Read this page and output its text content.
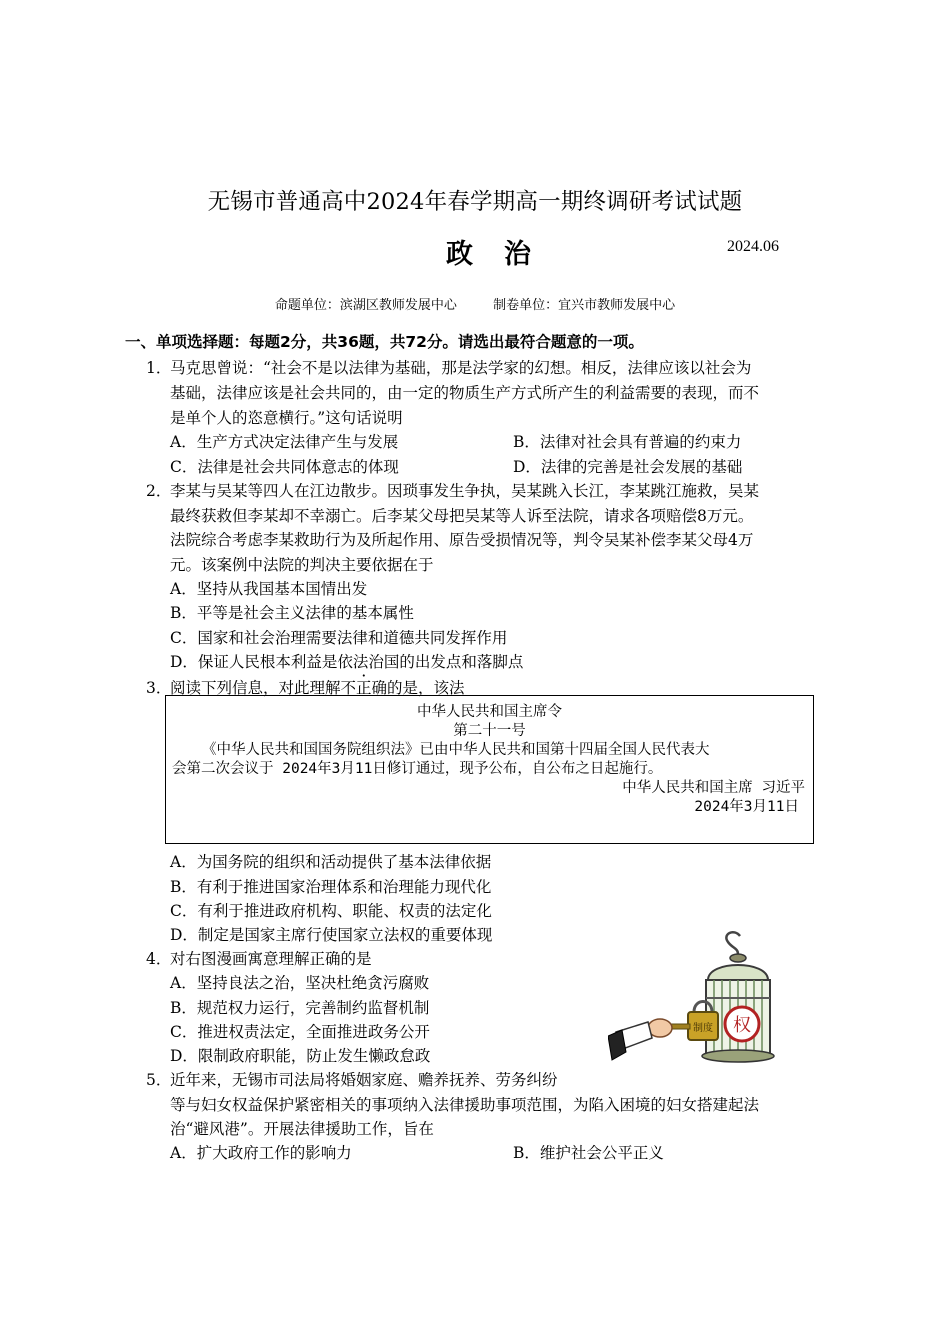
无锡市普通高中2024年春学期高一期终调研考试试题
政　治	2024.06
命题单位：滨湖区教师发展中心	制卷单位：宜兴市教师发展中心
一、单项选择题：每题2分，共36题，共72分。请选出最符合题意的一项。
1．
马克思曾说：“社会不是以法律为基础，那是法学家的幻想。相反，法律应该以社会为
基础，法律应该是社会共同的，由一定的物质生产方式所产生的利益需要的表现，而不
是单个人的恣意横行。”这句话说明
A．生产方式决定法律产生与发展	B．法律对社会具有普遍的约束力
C．法律是社会共同体意志的体现	D．法律的完善是社会发展的基础
2．
李某与吴某等四人在江边散步。因琐事发生争执，吴某跳入长江，李某跳江施救，吴某
最终获救但李某却不幸溺亡。后李某父母把吴某等人诉至法院，请求各项赔偿8万元。
法院综合考虑李某救助行为及所起作用、原告受损情况等，判令吴某补偿李某父母4万
元。该案例中法院的判决主要依据在于
A．坚持从我国基本国情出发
B．平等是社会主义法律的基本属性
C．国家和社会治理需要法律和道德共同发挥作用
D．保证人民根本利益是依法治国的出发点和落脚点
3．
阅读下列信息，对此理解不正确的是，该法
中华人民共和国主席令
第二十一号
《中华人民共和国国务院组织法》已由中华人民共和国第十四届全国人民代表大
会第二次会议于 2024年3月11日修订通过，现予公布，自公布之日起施行。
中华人民共和国主席 习近平
2024年3月11日
A．为国务院的组织和活动提供了基本法律依据
B．有利于推进国家治理体系和治理能力现代化
C．有利于推进政府机构、职能、权责的法定化
D．制定是国家主席行使国家立法权的重要体现
4．
对右图漫画寓意理解正确的是
A．坚持良法之治，坚决杜绝贪污腐败
B．规范权力运行，完善制约监督机制
C．推进权责法定，全面推进政务公开
D．限制政府职能，防止发生懒政怠政
权
制度
5．
近年来，无锡市司法局将婚姻家庭、赡养抚养、劳务纠纷
等与妇女权益保护紧密相关的事项纳入法律援助事项范围，为陷入困境的妇女搭建起法
治“避风港”。开展法律援助工作，旨在
A．扩大政府工作的影响力	B．维护社会公平正义
